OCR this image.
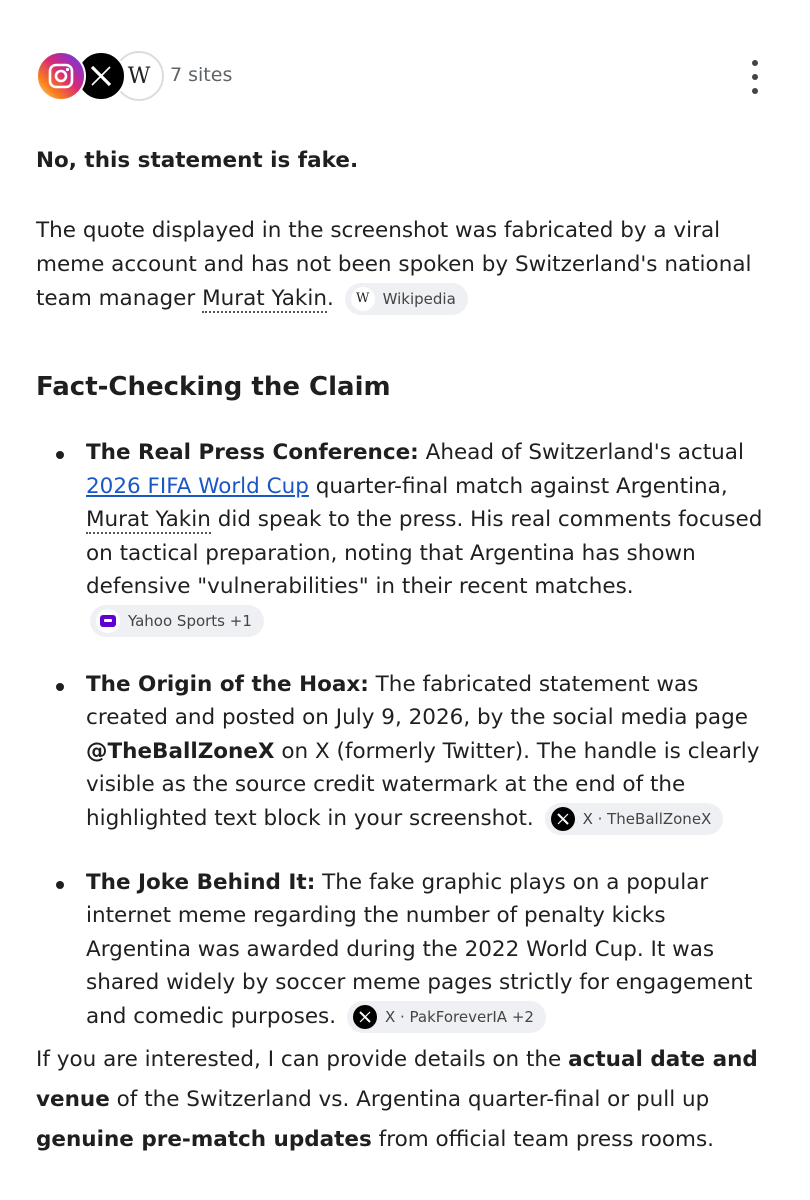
W	7 sites

No, this statement is fake.

The quote displayed in the screenshot was fabricated by a viral meme account and has not been spoken by Switzerland's national team manager Murat Yakin.	W Wikipedia

Fact-Checking the Claim
The Real Press Conference: Ahead of Switzerland's actual 2026 FIFA World Cup quarter-final match against Argentina, Murat Yakin did speak to the press. His real comments focused on tactical preparation, noting that Argentina has shown defensive "vulnerabilities" in their recent matches.
Yahoo Sports +1
The Origin of the Hoax: The fabricated statement was created and posted on July 9, 2026, by the social media page @TheBallZoneX on X (formerly Twitter). The handle is clearly visible as the source credit watermark at the end of the highlighted text block in your screenshot.	X · TheBallZoneX
The Joke Behind It: The fake graphic plays on a popular internet meme regarding the number of penalty kicks Argentina was awarded during the 2022 World Cup. It was shared widely by soccer meme pages strictly for engagement and comedic purposes.	X · PakForeverIA +2

If you are interested, I can provide details on the actual date and venue of the Switzerland vs. Argentina quarter-final or pull up genuine pre-match updates from official team press rooms.
